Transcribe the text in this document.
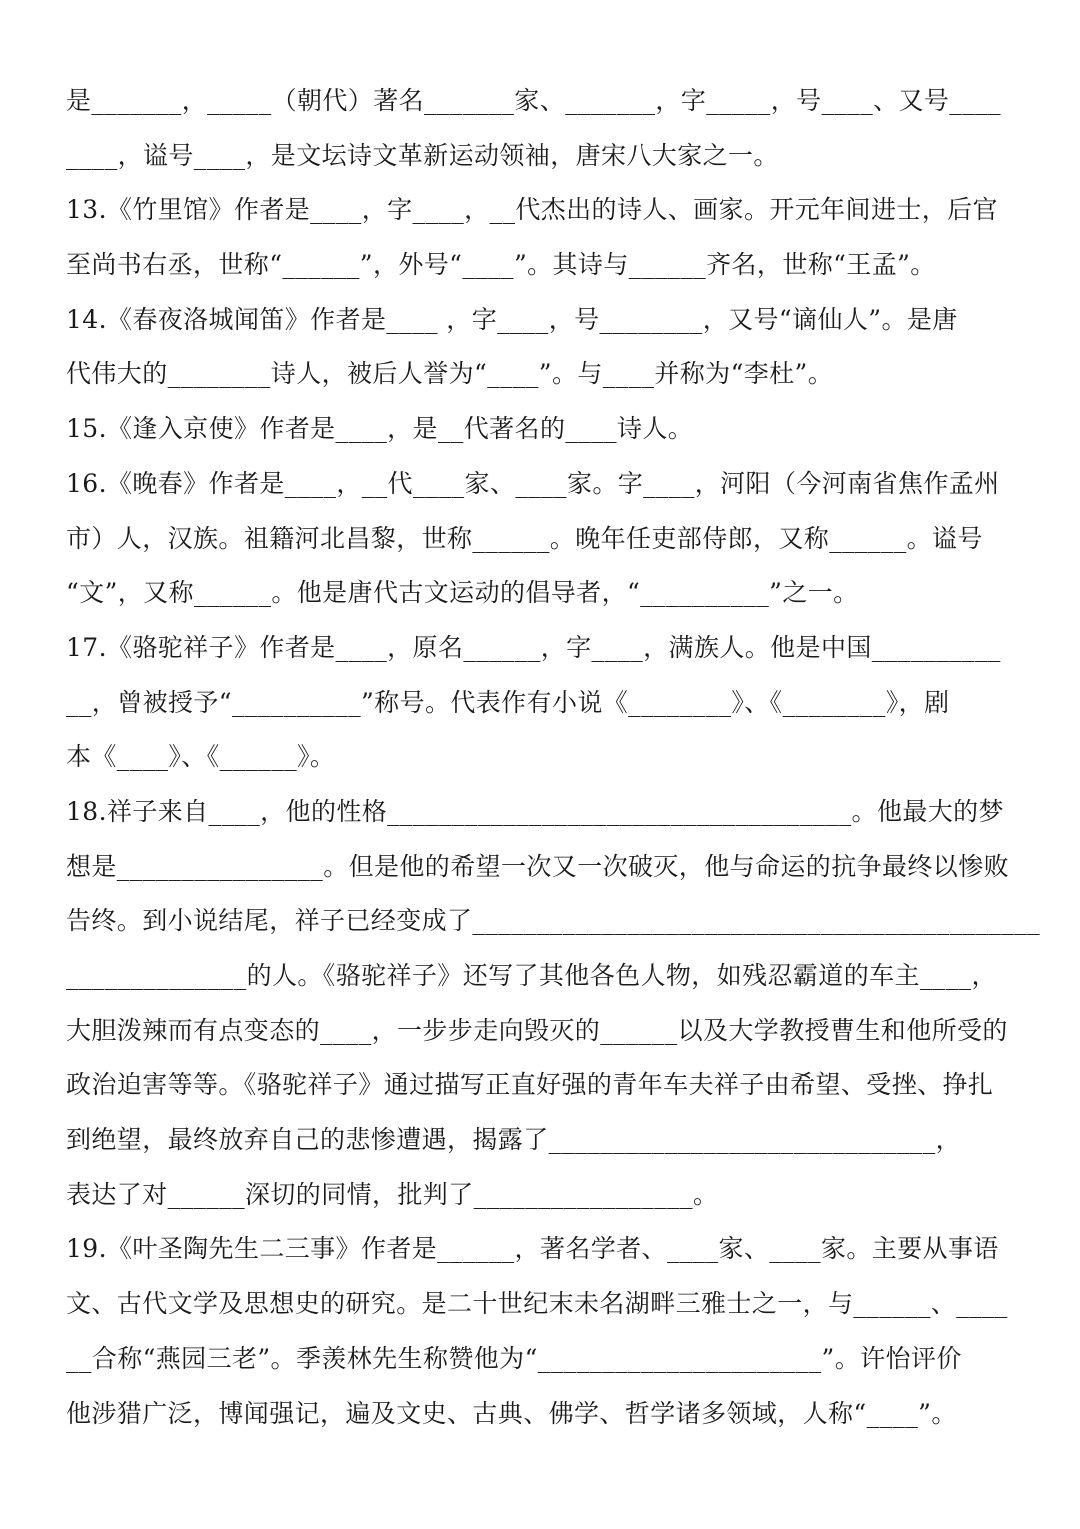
是_______，_____（朝代）著名_______家、_______，字_____，号____、又号____
____，谥号____，是文坛诗文革新运动领袖，唐宋八大家之一。
13.《竹里馆》作者是____，字____，__代杰出的诗人、画家。开元年间进士，后官
至尚书右丞，世称“______”，外号“____”。其诗与______齐名，世称“王孟”。
14.《春夜洛城闻笛》作者是____ ，字____，号________，又号“谪仙人”。是唐
代伟大的________诗人，被后人誉为“____”。与____并称为“李杜”。
15.《逢入京使》作者是____，是__代著名的____诗人。
16.《晚春》作者是____，__代____家、____家。字____，河阳（今河南省焦作孟州
市）人，汉族。祖籍河北昌黎，世称______。晚年任吏部侍郎，又称______。谥号
“文”，又称______。他是唐代古文运动的倡导者，“__________”之一。
17.《骆驼祥子》作者是____，原名______，字____，满族人。他是中国__________
__，曾被授予“__________”称号。代表作有小说《________》、《________》，剧
本《____》、《______》。
18.祥子来自____，他的性格____________________________________。他最大的梦
想是________________。但是他的希望一次又一次破灭，他与命运的抗争最终以惨败
告终。到小说结尾，祥子已经变成了____________________________________________
______________的人。《骆驼祥子》还写了其他各色人物，如残忍霸道的车主____，
大胆泼辣而有点变态的____，一步步走向毁灭的______以及大学教授曹生和他所受的
政治迫害等等。《骆驼祥子》通过描写正直好强的青年车夫祥子由希望、受挫、挣扎
到绝望，最终放弃自己的悲惨遭遇，揭露了______________________________，
表达了对______深切的同情，批判了_________________。
19.《叶圣陶先生二三事》作者是______，著名学者、____家、____家。主要从事语
文、古代文学及思想史的研究。是二十世纪末未名湖畔三雅士之一，与______、____
__合称“燕园三老”。季羡林先生称赞他为“______________________”。许怡评价
他涉猎广泛，博闻强记，遍及文史、古典、佛学、哲学诸多领域，人称“____”。
